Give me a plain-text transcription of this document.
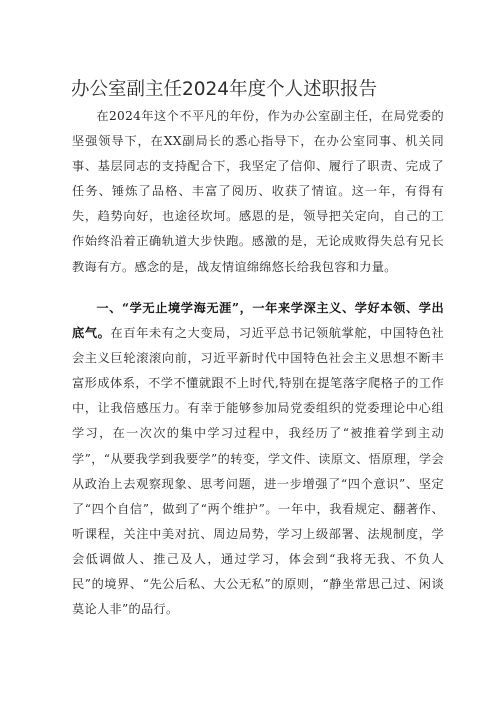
办公室副主任2024年度个人述职报告

在2024年这个不平凡的年份，作为办公室副主任，在局党委的坚强领导下，在XX副局长的悉心指导下，在办公室同事、机关同事、基层同志的支持配合下，我坚定了信仰、履行了职责、完成了任务、锤炼了品格、丰富了阅历、收获了情谊。这一年，有得有失，趋势向好，也途径坎坷。感恩的是，领导把关定向，自己的工作始终沿着正确轨道大步快跑。感激的是，无论成败得失总有兄长教诲有方。感念的是，战友情谊绵绵悠长给我包容和力量。

一、“学无止境学海无涯”，一年来学深主义、学好本领、学出底气。在百年未有之大变局，习近平总书记领航掌舵，中国特色社会主义巨轮滚滚向前，习近平新时代中国特色社会主义思想不断丰富形成体系，不学不懂就跟不上时代,特别在提笔落字爬格子的工作中，让我倍感压力。有幸于能够参加局党委组织的党委理论中心组学习，在一次次的集中学习过程中，我经历了“被推着学到主动学”，“从要我学到我要学”的转变，学文件、读原文、悟原理，学会从政治上去观察现象、思考问题，进一步增强了“四个意识”、坚定了“四个自信”，做到了“两个维护”。一年中，我看规定、翻著作、听课程，关注中美对抗、周边局势，学习上级部署、法规制度，学会低调做人、推己及人，通过学习，体会到“我将无我、不负人民”的境界、“先公后私、大公无私”的原则，“静坐常思己过、闲谈莫论人非”的品行。
